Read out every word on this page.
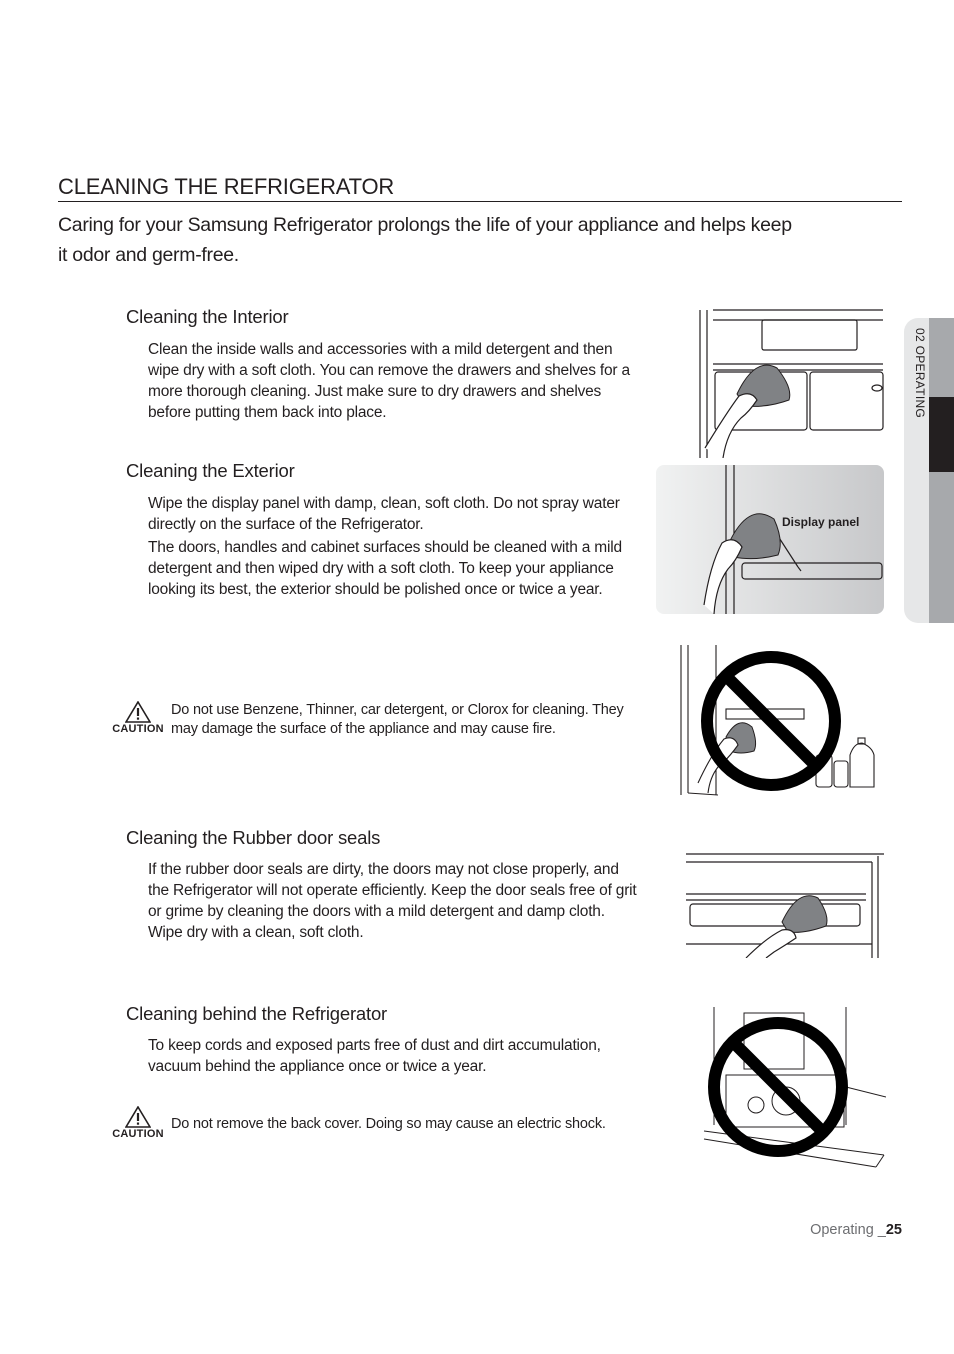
CLEANING THE REFRIGERATOR
Caring for your Samsung Refrigerator prolongs the life of your appliance and helps keep it odor and germ-free.
Cleaning the Interior

Clean the inside walls and accessories with a mild detergent and then wipe dry with a soft cloth. You can remove the drawers and shelves for a more thorough cleaning. Just make sure to dry drawers and shelves before putting them back into place.

Cleaning the Exterior

Wipe the display panel with damp, clean, soft cloth. Do not spray water directly on the surface of the Refrigerator.

The doors, handles and cabinet surfaces should be cleaned with a mild detergent and then wiped dry with a soft cloth. To keep your appliance looking its best, the exterior should be polished once or twice a year.

CAUTION
Do not use Benzene, Thinner, car detergent, or Clorox for cleaning. They may damage the surface of the appliance and may cause fire.
Cleaning the Rubber door seals

If the rubber door seals are dirty, the doors may not close properly, and the Refrigerator will not operate efficiently. Keep the door seals free of grit or grime by cleaning the doors with a mild detergent and damp cloth. Wipe dry with a clean, soft cloth.

Cleaning behind the Refrigerator

To keep cords and exposed parts free of dust and dirt accumulation, vacuum behind the appliance once or twice a year.

CAUTION
Do not remove the back cover. Doing so may cause an electric shock.
Display panel
02 OPERATING
Operating _25
